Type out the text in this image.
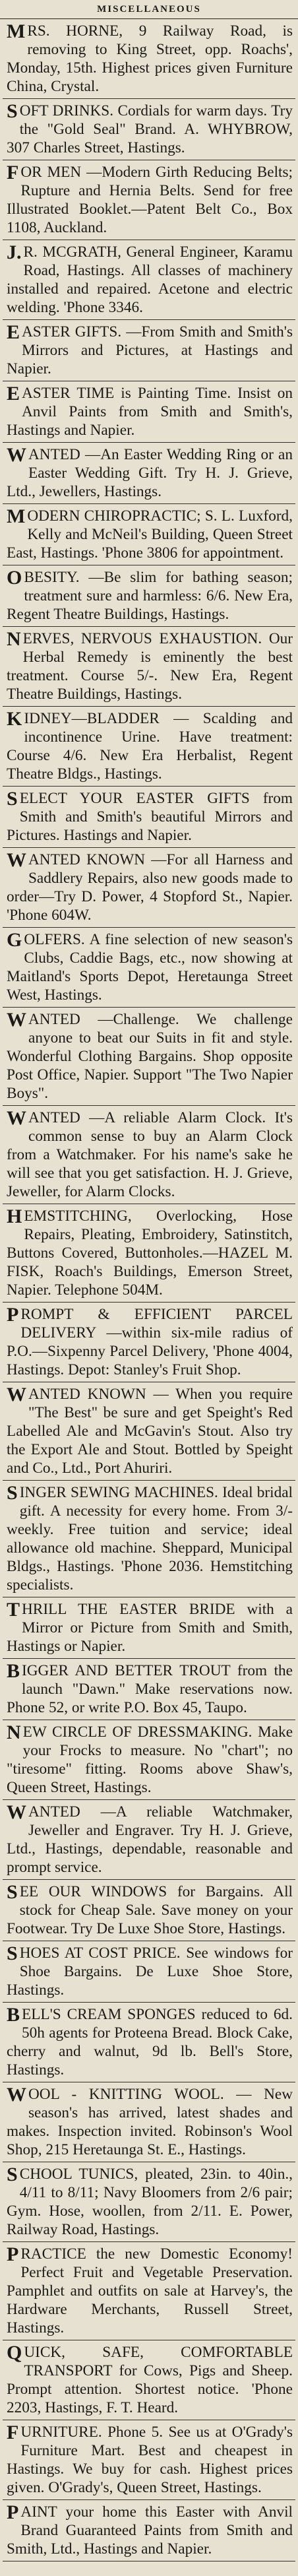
MISCELLANEOUS
M RS. HORNE, 9 Railway Road, is removing to King Street, opp. Roachs', Monday, 15th. Highest prices given Furniture China, Crystal.
S OFT DRINKS. Cordials for warm days. Try the "Gold Seal" Brand. A. WHYBROW, 307 Charles Street, Hastings.
F OR MEN —Modern Girth Reducing Belts; Rupture and Hernia Belts. Send for free Illustrated Booklet.—Patent Belt Co., Box 1108, Auckland.
J. R. MCGRATH, General Engineer, Karamu Road, Hastings. All classes of machinery installed and repaired. Acetone and electric welding. 'Phone 3346.
E ASTER GIFTS. —From Smith and Smith's Mirrors and Pictures, at Hastings and Napier.
E ASTER TIME is Painting Time. Insist on Anvil Paints from Smith and Smith's, Hastings and Napier.
W ANTED —An Easter Wedding Ring or an Easter Wedding Gift. Try H. J. Grieve, Ltd., Jewellers, Hastings.
M ODERN CHIROPRACTIC; S. L. Luxford, Kelly and McNeil's Building, Queen Street East, Hastings. 'Phone 3806 for appointment.
O BESITY. —Be slim for bathing season; treatment sure and harmless: 6/6. New Era, Regent Theatre Buildings, Hastings.
N ERVES, NERVOUS EXHAUSTION. Our Herbal Remedy is eminently the best treatment. Course 5/-. New Era, Regent Theatre Buildings, Hastings.
K IDNEY—BLADDER — Scalding and incontinence Urine. Have treatment: Course 4/6. New Era Herbalist, Regent Theatre Bldgs., Hastings.
S ELECT YOUR EASTER GIFTS from Smith and Smith's beautiful Mirrors and Pictures. Hastings and Napier.
W ANTED KNOWN —For all Harness and Saddlery Repairs, also new goods made to order—Try D. Power, 4 Stopford St., Napier. 'Phone 604W.
G OLFERS. A fine selection of new season's Clubs, Caddie Bags, etc., now showing at Maitland's Sports Depot, Heretaunga Street West, Hastings.
W ANTED —Challenge. We challenge anyone to beat our Suits in fit and style. Wonderful Clothing Bargains. Shop opposite Post Office, Napier. Support "The Two Napier Boys".
W ANTED —A reliable Alarm Clock. It's common sense to buy an Alarm Clock from a Watchmaker. For his name's sake he will see that you get satisfaction. H. J. Grieve, Jeweller, for Alarm Clocks.
H EMSTITCHING, Overlocking, Hose Repairs, Pleating, Embroidery, Satinstitch, Buttons Covered, Buttonholes.—HAZEL M. FISK, Roach's Buildings, Emerson Street, Napier. Telephone 504M.
P ROMPT & EFFICIENT PARCEL DELIVERY —within six-mile radius of P.O.—Sixpenny Parcel Delivery, 'Phone 4004, Hastings. Depot: Stanley's Fruit Shop.
W ANTED KNOWN — When you require "The Best" be sure and get Speight's Red Labelled Ale and McGavin's Stout. Also try the Export Ale and Stout. Bottled by Speight and Co., Ltd., Port Ahuriri.
S INGER SEWING MACHINES. Ideal bridal gift. A necessity for every home. From 3/- weekly. Free tuition and service; ideal allowance old machine. Sheppard, Municipal Bldgs., Hastings. 'Phone 2036. Hemstitching specialists.
T HRILL THE EASTER BRIDE with a Mirror or Picture from Smith and Smith, Hastings or Napier.
B IGGER AND BETTER TROUT from the launch "Dawn." Make reservations now. Phone 52, or write P.O. Box 45, Taupo.
N EW CIRCLE OF DRESSMAKING. Make your Frocks to measure. No "chart"; no "tiresome" fitting. Rooms above Shaw's, Queen Street, Hastings.
W ANTED —A reliable Watchmaker, Jeweller and Engraver. Try H. J. Grieve, Ltd., Hastings, dependable, reasonable and prompt service.
S EE OUR WINDOWS for Bargains. All stock for Cheap Sale. Save money on your Footwear. Try De Luxe Shoe Store, Hastings.
S HOES AT COST PRICE. See windows for Shoe Bargains. De Luxe Shoe Store, Hastings.
B ELL'S CREAM SPONGES reduced to 6d. 50h agents for Proteena Bread. Block Cake, cherry and walnut, 9d lb. Bell's Store, Hastings.
W OOL - KNITTING WOOL. — New season's has arrived, latest shades and makes. Inspection invited. Robinson's Wool Shop, 215 Heretaunga St. E., Hastings.
S CHOOL TUNICS, pleated, 23in. to 40in., 4/11 to 8/11; Navy Bloomers from 2/6 pair; Gym. Hose, woollen, from 2/11. E. Power, Railway Road, Hastings.
P RACTICE the new Domestic Economy! Perfect Fruit and Vegetable Preservation. Pamphlet and outfits on sale at Harvey's, the Hardware Merchants, Russell Street, Hastings.
Q UICK, SAFE, COMFORTABLE TRANSPORT for Cows, Pigs and Sheep. Prompt attention. Shortest notice. 'Phone 2203, Hastings, F. T. Heard.
F URNITURE. Phone 5. See us at O'Grady's Furniture Mart. Best and cheapest in Hastings. We buy for cash. Highest prices given. O'Grady's, Queen Street, Hastings.
P AINT your home this Easter with Anvil Brand Guaranteed Paints from Smith and Smith, Ltd., Hastings and Napier.
